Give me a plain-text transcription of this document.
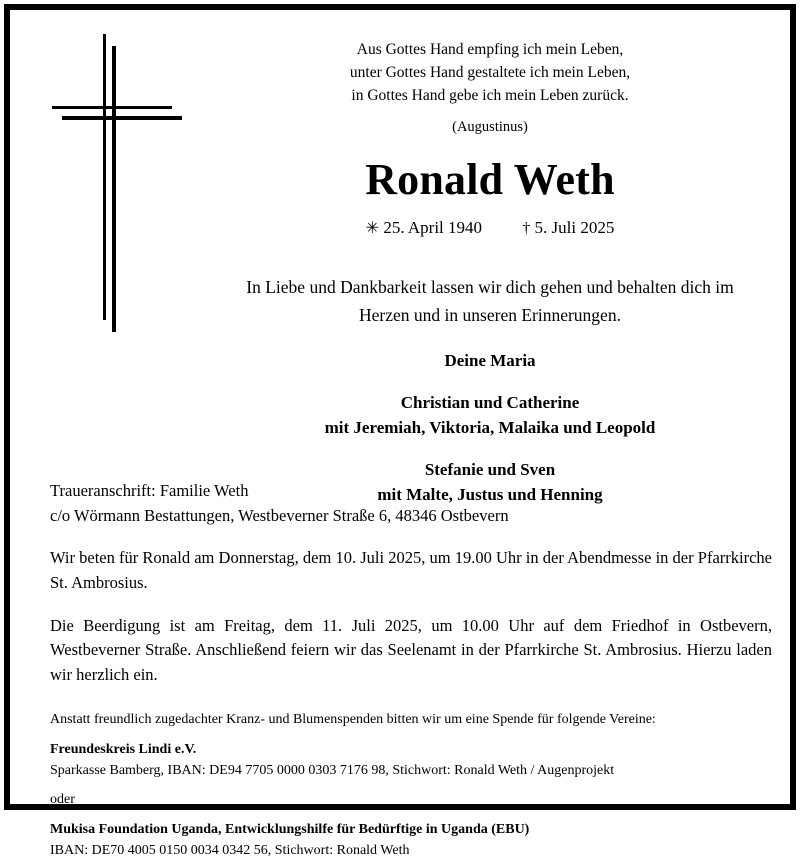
Aus Gottes Hand empfing ich mein Leben,
unter Gottes Hand gestaltete ich mein Leben,
in Gottes Hand gebe ich mein Leben zurück.
(Augustinus)
Ronald Weth
✳ 25. April 1940	† 5. Juli 2025
In Liebe und Dankbarkeit lassen wir dich gehen und behalten dich im
Herzen und in unseren Erinnerungen.
Deine Maria
Christian und Catherine
mit Jeremiah, Viktoria, Malaika und Leopold
Stefanie und Sven
mit Malte, Justus und Henning
Traueranschrift: Familie Weth
c/o Wörmann Bestattungen, Westbeverner Straße 6, 48346 Ostbevern
Wir beten für Ronald am Donnerstag, dem 10. Juli 2025, um 19.00 Uhr in der Abendmesse in der Pfarrkirche St. Ambrosius.
Die Beerdigung ist am Freitag, dem 11. Juli 2025, um 10.00 Uhr auf dem Friedhof in Ostbevern, Westbeverner Straße. Anschließend feiern wir das Seelenamt in der Pfarrkirche St. Ambrosius. Hierzu laden wir herzlich ein.
Anstatt freundlich zugedachter Kranz- und Blumenspenden bitten wir um eine Spende für folgende Vereine:
Freundeskreis Lindi e.V.
Sparkasse Bamberg, IBAN: DE94 7705 0000 0303 7176 98, Stichwort: Ronald Weth / Augenprojekt
oder
Mukisa Foundation Uganda, Entwicklungshilfe für Bedürftige in Uganda (EBU)
IBAN: DE70 4005 0150 0034 0342 56, Stichwort: Ronald Weth
